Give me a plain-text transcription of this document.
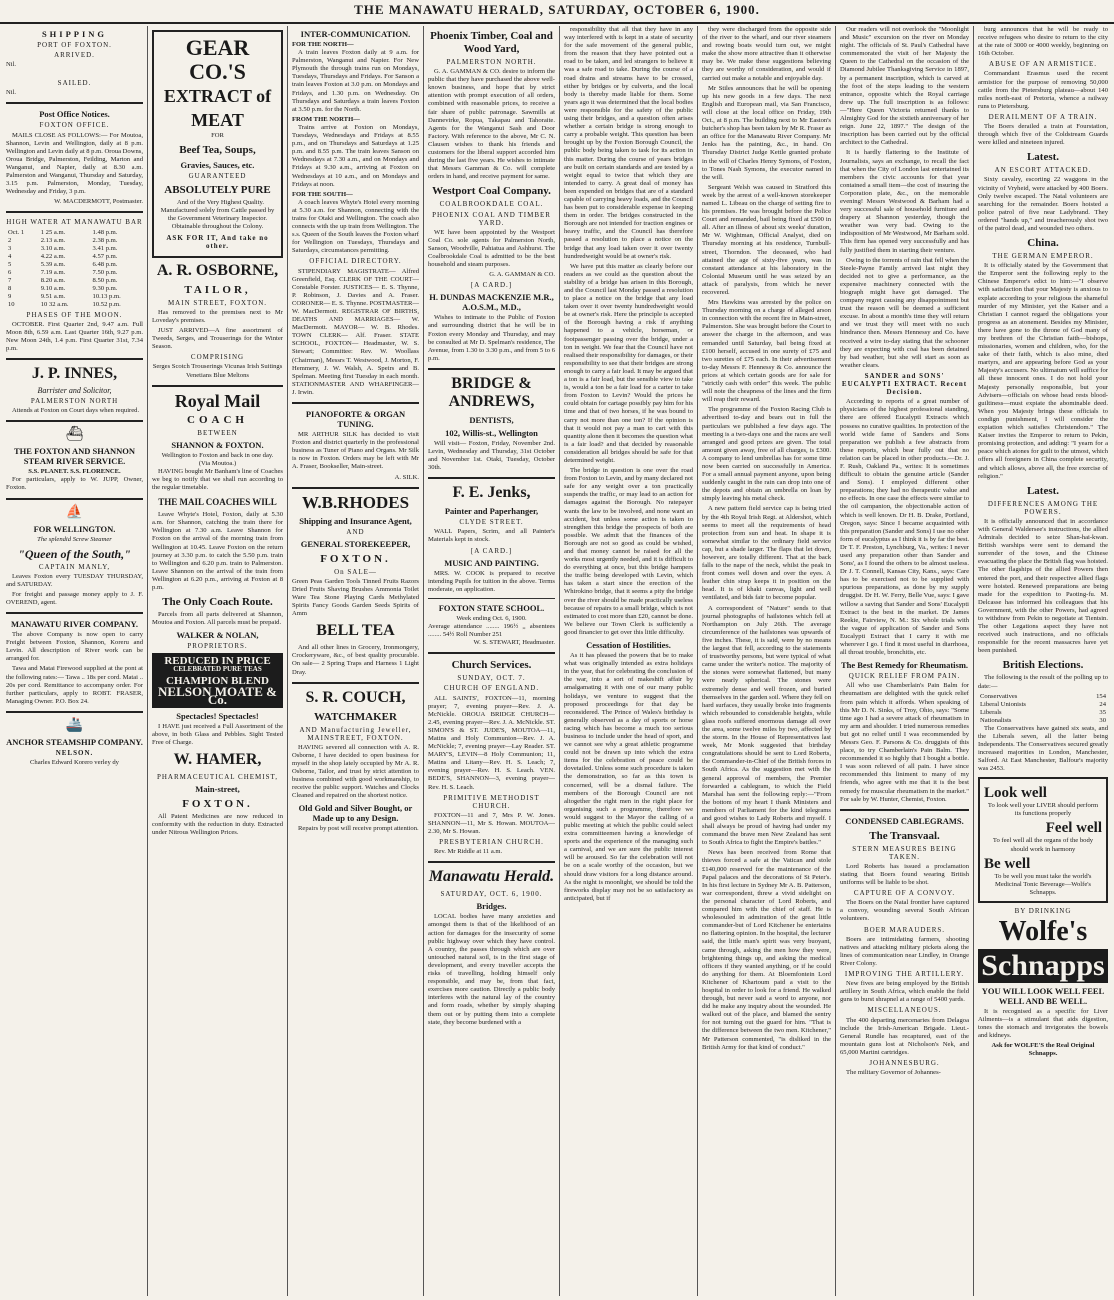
THE MANAWATU HERALD, SATURDAY, OCTOBER 6, 1900.
SHIPPING
PORT OF FOXTON.
ARRIVED.
Nil.
SAILED.
Nil.
Post Office Notices.
FOXTON OFFICE.

MAILS CLOSE AS FOLLOWS:— For Moutoa, Shannon, Levin and Wellington, daily at 8 p.m. Wellington and Levin daily at 8 p.m. Oroua Downs, Oroua Bridge, Palmerston, Feilding, Marton and Wanganui, and Napier, daily at 8.30 a.m. Palmerston and Wanganui, Thursday and Saturday, 3.15 p.m. Palmerston, Monday, Tuesday, Wednesday and Friday, 3 p.m.

W. MACDERMOTT, Postmaster.
HIGH WATER AT MANAWATU BAR
Oct. 1	1 25 a.m.	1.48 p.m.
2	2.13 a.m.	2.38 p.m.
3	3.10 a.m.	3.41 p.m.
4	4.22 a.m.	4.57 p.m.
5	5.39 a.m.	6.48 p.m.
6	7.19 a.m.	7.50 p.m.
7	8.20 a.m.	8.50 p.m.
8	9.10 a.m.	9.30 p.m.
9	9.51 a.m.	10.13 p.m.
10	10 32 a.m.	10.52 p.m.
PHASES OF THE MOON.

OCTOBER. First Quarter 2nd, 9.47 a.m. Full Moon 8th, 6.59 a.m. Last Quarter 16th, 9.27 p.m. New Moon 24th, 1.4 p.m. First Quarter 31st, 7.34 p.m.

J. P. INNES,
Barrister and Solicitor,
PALMERSTON NORTH

Attends at Foxton on Court days when required.

⛴
THE FOXTON AND SHANNON STEAM RIVER SERVICE.
S.S. PLANET. S.S. FLORENCE.

For particulars, apply to W. JUPP, Owner, Foxton.

⛵
FOR WELLINGTON.
The splendid Screw Steamer
"Queen of the South,"
CAPTAIN MANLY,

Leaves Foxton every TUESDAY THURSDAY, and SATURDAY.

For freight and passage money apply to J. F. OVEREND, agent.

MANAWATU RIVER COMPANY.

The above Company is now open to carry Freight between Foxton, Shannon, Koreru and Levin. All description of River work can be arranged for.

Tawa and Matai Firewood supplied at the pont at the following rates:— Tawa .. 18s per cord. Matai .. 20s per cord. Remittance to accompany order. For further particulars, apply to ROBT. FRASER, Managing Owner. P.O. Box 24.

🚢
ANCHOR STEAMSHIP COMPANY.
NELSON.
Charles Edward Korero verley dy
GEAR CO.'S
EXTRACT of MEAT
FOR
Beef Tea, Soups,
Gravies, Sauces, etc.
GUARANTEED
ABSOLUTELY PURE

And of the Very Highest Quality. Manufactured solely from Cattle passed by the Government Veterinary Inspector. Obtainable throughout the Colony.

ASK FOR IT, And take no other.
A. R. OSBORNE,
TAILOR,
MAIN STREET, FOXTON.

Has removed to the premises next to Mr Loveday's premises.

JUST ARRIVED—A fine assortment of Tweeds, Serges, and Trouserings for the Winter Season.

COMPRISING
Serges Scotch Trouserings Vicunas Irish Suitings Venetians Blue Meltons
Royal Mail
COACH
BETWEEN
SHANNON & FOXTON.
Wellington to Foxton and back in one day.
(Via Moutoa.)

HAVING bought Mr Banham's line of Coaches we beg to notify that we shall run according to the regular timetable.

THE MAIL COACHES WILL

Leave Whyte's Hotel, Foxton, daily at 5.30 a.m. for Shannon, catching the train there for Wellington at 7.30 a.m. Leave Shannon for Foxton on the arrival of the morning train from Wellington at 10.45. Leave Foxton on the return journey at 3.30 p.m. to catch the 5.50 p.m. train to Wellington and 6.20 p.m. train to Palmerston. Leave Shannon on the arrival of the train from Wellington at 6.20 p.m., arriving at Foxton at 8 p.m.

The Only Coach Route.

Parcels from all parts delivered at Shannon, Moutoa and Foxton. All parcels must be prepaid.

WALKER & NOLAN,
PROPRIETORS.
REDUCED IN PRICE
CELEBRATED PURE TEAS
CHAMPION BLEND
NELSON MOATE & Co.
Spectacles! Spectacles!

I HAVE just received a Full Assortment of the above, in both Glass and Pebbles. Sight Tested Free of Charge.

W. HAMER,
PHARMACEUTICAL CHEMIST,
Main-street,
FOXTON.

All Patent Medicines are now reduced in conformity with the reduction in duty. Extracted under Nitrous Wellington Prices.

INTER-COMMUNICATION.
FOR THE NORTH—

A train leaves Foxton daily at 9 a.m. for Palmerston, Wanganui and Napier. For New Plymouth the through trains run on Mondays, Tuesdays, Thursdays and Fridays. For Sanson a train leaves Foxton at 3.0 p.m. on Mondays and Fridays, and 1.30 p.m. on Wednesday. On Thursdays and Saturdays a train leaves Foxton at 3.50 p.m. for the North.

FROM THE NORTH—

Trains arrive at Foxton on Mondays, Tuesdays, Wednesdays and Fridays at 8.55 p.m., and on Thursdays and Saturdays at 1.25 p.m. and 8.55 p.m. The train leaves Sanson on Wednesdays at 7.30 a.m., and on Mondays and Fridays at 9.30 a.m., arriving at Foxton on Wednesdays at 10 a.m., and on Mondays and Fridays at noon.

FOR THE SOUTH—

A coach leaves Whyte's Hotel every morning at 5.30 a.m. for Shannon, connecting with the trains for Otaki and Wellington. The coach also connects with the up train from Wellington. The s.s. Queen of the South leaves the Foxton wharf for Wellington on Tuesdays, Thursdays and Saturdays, circumstances permitting.

OFFICIAL DIRECTORY.

STIPENDIARY MAGISTRATE— Alfred Greenfield, Esq. CLERK OF THE COURT— Constable Forster. JUSTICES— E. S. Thynne, P. Robinson, J. Davies and A. Fraser. CORONER— E. S. Thynne. POSTMASTER— W. MacDermott. REGISTRAR OF BIRTHS, DEATHS AND MARRIAGES— W. MacDermott. MAYOR— W. B. Rhodes. TOWN CLERK— Alf. Fraser. STATE SCHOOL, FOXTON— Headmaster, W. S. Stewart; Committee: Rev. W. Woollass (Chairman), Messrs T. Westwood, J. Morton, F. Hemmery, J. W. Walsh, A. Speirs and B. Spelman. Meeting first Tuesday in each month. STATIONMASTER AND WHARFINGER— J. Irwin.

PIANOFORTE & ORGAN TUNING.

MR ARTHUR SILK has decided to visit Foxton and district quarterly in the professional business as Tuner of Piano and Organs. Mr Silk is now in Foxton. Orders may be left with Mr A. Fraser, Bookseller, Main-street.

A. SILK.
W.B.RHODES
Shipping and Insurance Agent,
AND
GENERAL STOREKEEPER,
FOXTON.
On SALE—
Green Peas Garden Tools Tinned Fruits Razors Dried Fruits Shaving Brushes Ammonia Toilet Ware Tea Stone Playing Cards Methylated Spirits Fancy Goods Garden Seeds Spirits of Amm
BELL TEA

And all other lines in Grocery, Ironmongery, Crockeryware, &c., of best quality procurable. On sale— 2 Spring Traps and Harness 1 Light Dray.

S. R. COUCH,
WATCHMAKER
AND Manufacturing Jeweller, MAINSTREET, FOXTON.

HAVING severed all connection with A. R. Osborne, I have decided to open business for myself in the shop lately occupied by Mr A. R. Osborne, Tailor, and trust by strict attention to business combined with good workmanship, to receive the public support. Watches and Clocks Cleaned and repaired on the shortest notice.

Old Gold and Silver Bought, or Made up to any Design.

Repairs by post will receive prompt attention.

Phoenix Timber, Coal and Wood Yard,
PALMERSTON NORTH.

G. A. GAMMAN & CO. desire to inform the public that they have purchased the above well-known business, and hope that by strict attention with prompt execution of all orders, combined with reasonable prices, to receive a fair share of public patronage. Sawmills at Dannevirke, Ropua, Takapau and Tahoraite. Agents for the Wanganui Sash and Door Factory. With reference to the above, Mr C. N. Clausen wishes to thank his friends and customers for the liberal support accorded him during the last five years. He wishes to intimate that Messrs Gamman & Co. will complete orders in hand, and receive payment for same.

Westport Coal Company.
COALBROOKDALE COAL.
PHOENIX COAL AND TIMBER YARD.

WE have been appointed by the Westport Coal Co. sole agents for Palmerston North, Sanson, Woodville, Pahiatua and Ashhurst. The Coalbrookdale Coal is admitted to be the best household and steam purposes.

G. A. GAMMAN & CO.
[A CARD.]
H. DUNDAS MACKENZIE M.R., A.O.S.M., M.D.,

Wishes to intimate to the Public of Foxton and surrounding district that he will be in Foxton every Monday and Thursday, and may be consulted at Mr D. Spelman's residence, The Avenue, from 1.30 to 3.30 p.m., and from 5 to 6 p.m.

BRIDGE & ANDREWS,
DENTISTS,
102, Willis-st., Wellington

Will visit— Foxton, Friday, November 2nd. Levin, Wednesday and Thursday, 31st October and November 1st. Otaki, Tuesday, October 30th.

F. E. Jenks,
Painter and Paperhanger,
CLYDE STREET.

WALL Papers, Scrim, and all Painter's Materials kept in stock.

[A CARD.]
MUSIC AND PAINTING.

MRS. W. COOK is prepared to receive intending Pupils for tuition in the above. Terms moderate, on application.

FOXTON STATE SCHOOL.
Week ending Oct. 6, 1900.
Average attendance ........ 196½ ,, absentees ........ 54½ Roll Number 251
W. S. STEWART, Headmaster.
Church Services.
SUNDAY, OCT. 7.
CHURCH OF ENGLAND.

ALL SAINTS', FOXTON—11, morning prayer; 7, evening prayer—Rev. J. A. McNickle. OROUA BRIDGE CHURCH—2.45, evening prayer—Rev. J. A. McNickle. ST. SIMON'S & ST. JUDE'S, MOUTOA—11, Matins and Holy Communion—Rev. J. A. McNickle; 7, evening prayer—Lay Reader. ST. MARY'S, LEVIN—8 Holy Communion; 11, Matins and Litany—Rev. H. S. Leach; 7, evening prayer—Rev. H. S. Leach. VEN. BEDE'S, SHANNON—3, evening prayer—Rev. H. S. Leach.

PRIMITIVE METHODIST CHURCH.

FOXTON—11 and 7, Mrs P. W. Jones. SHANNON—11, Mr S. Howan. MOUTOA—2.30, Mr S. Howan.

PRESBYTERIAN CHURCH.

Rev. Mr Riddle at 11 a.m.

Manawatu Herald.
SATURDAY, OCT. 6, 1900.
Bridges.

LOCAL bodies have many anxieties and amongst them is that of the likelihood of an action for damages for the insecurity of some public highway over which they have control. A country, the passes through which are over untouched natural soil, is in the first stage of development, and every traveller accepts the risks of travelling, holding himself only responsible, and may be, from that fact, exercises more caution. Directly a public body interferes with the natural lay of the country and form roads, whether by simply shaping them out or by putting them into a complete state, they become burdened with a

responsibility that all that they have in any way interfered with is kept in a state of security for the safe movement of the general public, from the reason that they have pointed out a road to be taken, and led strangers to believe it was a safe road to take. During the course of a road drains and streams have to be crossed, either by bridges or by culverts, and the local body is thereby made liable for them. Some years ago it was determined that the local bodies were responsible for the safety of the public using their bridges, and a question often arises whether a certain bridge is strong enough to carry a probable weight. This question has been brought up by the Foxton Borough Council, the public body being taken to task for its action in this matter. During the course of years bridges are built on certain standards and are tested by a weight equal to twice that which they are intended to carry. A great deal of money has been expended on bridges that are of a standard capable of carrying heavy loads, and the Council has been put to considerable expense in keeping them in order. The bridges constructed in the Borough are not intended for traction engines or heavy traffic, and the Council has therefore passed a resolution to place a notice on the bridge that any load taken over it over twenty hundredweight would be at owner's risk.

We have put this matter as clearly before our readers as we could as the question about the stability of a bridge has arisen in this Borough, and the Council last Monday passed a resolution to place a notice on the bridge that any load taken over it over twenty hundredweight would be at owner's risk. Here the principle is accepted of the Borough having a risk if anything happened to a vehicle, horseman, or footpassenger passing over the bridge, under a ton in weight. We fear that the Council have not realised their responsibility for damages, or their responsibility to see that their bridges are strong enough to carry a fair load. It may be argued that a ton is a fair load, but the sensible view to take is, would a ton be a fair load for a carter to take from Foxton to Levin? Would the prices he could obtain for cartage possibly pay him for his time and that of two horses, if he was bound to carry not more than one ton? If the opinion is that it would not pay a man to cart with this quantity alone then it becomes the question what is a fair load? and that decided by reasonable consideration all bridges should be safe for that determined weight.

The bridge in question is one over the road from Foxton to Levin, and by many declared not safe for any weight over a ton practically suspends the traffic, or may lead to an action for damages against the Borough. No ratepayer wants the law to be involved, and none want an accident, but unless some action is taken to strengthen this bridge the prospects of both are possible. We admit that the finances of the Borough are not so good as could be wished, and that money cannot be raised for all the works most urgently needed, and it is difficult to do everything at once, but this bridge hampers the traffic being developed with Levin, which has taken a start since the erection of the Whirokino bridge, that it seems a pity the bridge over the river should be made practically useless because of repairs to a small bridge, which is not estimated to cost more than £20, cannot be done. We believe our Town Clerk is sufficiently a good financier to get over this little difficulty.

Cessation of Hostilities.

As it has pleased the powers that be to make what was originally intended as extra holidays in the year, that for celebrating the conclusion of the war, into a sort of makeshift affair by amalgamating it with one of our many public holidays, we venture to suggest that the proposed proceedings for that day be reconsidered. The Prince of Wales's birthday is generally observed as a day of sports or horse racing which has become a much too serious business to include under the head of sport, and we cannot see why a great athletic programme could not be drawn up into which the extra items for the celebration of peace could be dovetailed. Unless some such procedure is taken the demonstration, so far as this town is concerned, will be a dismal failure. The members of the Borough Council are not altogether the right men in the right place for organising such a programme, therefore we would suggest to the Mayor the calling of a public meeting at which the public could select extra committeemen having a knowledge of sports and the experience of the managing such a carnival, and we are sure the public interest will be aroused. So far the celebration will not be on a scale worthy of the occasion, but we should draw visitors for a long distance around. As the night is moonlight, we should be told the fireworks display may not be so satisfactory as anticipated, but if

they were discharged from the opposite side of the river to the wharf, and our river steamers and rowing boats would turn out, we might make the show more attractive than it otherwise may be. We make these suggestions believing they are worthy of consideration, and would if carried out make a notable and enjoyable day.

Mr Stiles announces that he will be opening up his new goods in a few days. The next English and European mail, via San Francisco, will close at the local office on Friday, 19th Oct., at 8 p.m. The building next to Mr Easton's butcher's shop has been taken by Mr R. Fraser as an office for the Manawatu River Company. Mr Jenks has the painting, &c., in hand. On Thursday District Judge Kettle granted probate in the will of Charles Henry Symons, of Foxton, to Tones Nash Symons, the executor named in the will.

Sergeant Welsh was caused in Stratford this week by the arrest of a well-known storekeeper named L. Libeau on the charge of setting fire to his premises. He was brought before the Police Court and remanded, bail being fixed at £500 in all. After an illness of about six weeks' duration, Mr W. Wightman, Official Analyst, died on Thursday morning at his residence, Turnbull-street, Thorndon. The deceased, who had attained the age of sixty-five years, was in constant attendance at his laboratory in the Colonial Museum until he was seized by an attack of paralysis, from which he never recovered.

Mrs Hawkins was arrested by the police on Thursday morning on a charge of alleged arson in connection with the recent fire in Main-street, Palmerston. She was brought before the Court to answer the charge in the afternoon, and was remanded until Saturday, bail being fixed at £100 herself, accused in one surety of £75 and two sureties of £75 each. In their advertisement to-day Messrs F. Hennessy & Co. announce the prices at which certain goods are for sale for "strictly cash with order" this week. The public will note the cheapness of the lines and the firm will reap their reward.

The programme of the Foxton Racing Club is advertised to-day and bears out in full the particulars we published a few days ago. The meeting is a two-days one and the races are well arranged and good prizes are given. The total amount given away, free of all charges, is £300. A company to lend umbrellas has for some time now been carried on successfully in America. For a small annual payment anyone, upon being suddenly caught in the rain can drop into one of the depots and obtain an umbrella on loan by simply leaving his metal check.

A new pattern field service cap is being tried by the 4th Royal Irish Regt. at Aldershot, which seems to meet all the requirements of head protection from sun and heat. In shape it is somewhat similar to the ordinary field service cap, but a shade larger. The flaps that let down, however, are totally different. That at the back falls to the nape of the neck, whilst the peak in front comes well down and over the eyes. A leather chin strap keeps it in position on the head. It is of khaki canvas, light and well ventilated, and bids fair to become popular.

A correspondent of "Nature" sends to that journal photographs of hailstones which fell at Northampton on July 26th. The average circumference of the hailstones was upwards of five inches. These, it is said, were by no means the largest that fell, according to the statements of trustworthy persons, but were typical of what came under the writer's notice. The majority of the stones were somewhat flattened, but many were nearly spherical. The stones were extremely dense and well frozen, and buried themselves in the garden soil. Where they fell on hard surfaces, they usually broke into fragments which rebounded to considerable heights, while glass roofs suffered enormous damage all over the area, some twelve miles by two, affected by the storm. In the House of Representatives last week, Mr Monk suggested that birthday congratulations should be sent to Lord Roberts, the Commander-in-Chief of the British forces in South Africa. As the suggestion met with the general approval of members, the Premier forwarded a cablegram, to which the Field Marshal has sent the following reply:—"From the bottom of my heart I thank Ministers and members of Parliament for the kind telegrams and good wishes to Lady Roberts and myself. I shall always be proud of having had under my command the brave men New Zealand has sent to South Africa to fight the Empire's battles."

News has been received from Rome that thieves forced a safe at the Vatican and stole £140,000 reserved for the maintenance of the Papal palaces and the decorations of St Peter's. In his first lecture in Sydney Mr A. B. Patterson, war correspondent, threw a vivid sidelight on the personal character of Lord Roberts, and compared him with the chief of staff. He is wholesouled in admiration of the great little commander-but of Lord Kitchener he entertains no flattering opinion. In the hospital, the lecturer said, the little man's spirit was very buoyant, came through, asking the men how they were, brightening things up, and asking the medical officers if they wanted anything, or if he could do anything for them. At Bloemfontein Lord Kitchener of Khartoum paid a visit to the hospital in order to look for a friend. He walked through, but never said a word to anyone, nor did he make any inquiry about the wounded. He walked out of the place, and blamed the sentry for not turning out the guard for him. "That is the difference between the two men. Kitchener," Mr Patterson commented, "is disliked in the British Army for that kind of conduct."

Our readers will not overlook the "Moonlight and Music" excursion on the river on Monday night. The officials of St. Paul's Cathedral have commemorated the visit of her Majesty the Queen to the Cathedral on the occasion of the Diamond Jubilee Thanksgiving Service in 1897, by a permanent inscription, which is carved at the foot of the steps leading to the western entrance, opposite which the Royal carriage drew up. The full inscription is as follows:—"Here Queen Victoria returned thanks to Almighty God for the sixtieth anniversary of her reign. June 22, 1897." The design of the inscription has been carried out by the official architect to the Cathedral.

It is hardly flattering to the Institute of Journalists, says an exchange, to recall the fact that when the City of London last entertained its members the civic accounts for that year contained a small item—the cost of insuring the Corporation plate, &c., on the memorable evening! Messrs Westwood & Barham had a very successful sale of household furniture and drapery at Shannon yesterday, though the weather was very bad. Owing to the indisposition of Mr Westwood, Mr Barham sold. This firm has opened very successfully and has fully justified them in starting their venture.

Owing to the torrents of rain that fell when the Steele-Payne Family arrived last night they decided not to give a performance, as the expensive machinery connected with the biograph might have got damaged. The company regret causing any disappointment but trust the reason will be deemed a sufficient excuse. In about a month's time they will return and we trust they will meet with no such hindrance then. Messrs Hennessy and Co. have received a wire to-day stating that the schooner they are expecting with coal has been detained by bad weather, but she will start as soon as weather clears.

SANDER and SONS' EUCALYPTI EXTRACT. Recent Decision.

According to reports of a great number of physicians of the highest professional standing, there are offered Eucalypti Extracts which possess no curative qualities. In protection of the world wide fame of Sanders and Sons preparation we publish a few abstracts from these reports, which bear fully out that no relation can be placed in other products.—Dr. J. F. Rush, Oakland Pa., writes: It is sometimes difficult to obtain the genuine article (Sander and Sons). I employed different other preparations; they had no therapeutic value and no effects. In one case the effects were similar to the oil campanion, the objectionable action of which is well known. Dr H. B. Drake, Portland, Oregon, says: Since I became acquainted with this preparation (Sander and Sons) I use no other form of eucalyptus as I think it is by far the best. Dr T. F. Preston, Lynchburg, Va., writes: I never used any preparation other than Sander and Sons', as I found the others to be almost useless. Dr J. T. Connell, Kansas City, Kans., says: Care has to be exercised not to be supplied with spurious preparations, as done by my supply druggist. Dr H. W. Ferry, Belle Vue, says: I gave willow a saving that Sander and Sons' Eucalypti Extract is the best in the market. Dr James Reekie, Fairview, N. M.: Six whole trials with the vague of application of Sander and Sons Eucalypti Extract that I carry it with me wherever I go. I find it most useful in diarrhoea, all throat trouble, bronchitis, etc.

The Best Remedy for Rheumatism.
QUICK RELIEF FROM PAIN.

All who use Chamberlain's Pain Balm for rheumatism are delighted with the quick relief from pain which it affords. When speaking of this Mr D. N. Sinks, of Troy, Ohio, says: "Some time ago I had a severe attack of rheumatism in my arm and shoulder. I tried numerous remedies but got no relief until I was recommended by Messrs Geo. F. Parsons & Co. druggists of this place, to try Chamberlain's Pain Balm. They recommended it so highly that I bought a bottle. I was soon relieved of all pain. I have since recommended this liniment to many of my friends, who agree with me that it is the best remedy for muscular rheumatism in the market." For sale by W. Hunter, Chemist, Foxton.

CONDENSED CABLEGRAMS.
The Transvaal.
STERN MEASURES BEING TAKEN.

Lord Roberts has issued a proclamation stating that Boers found wearing British uniforms will be liable to be shot.

CAPTURE OF A CONVOY.

The Boers on the Natal frontier have captured a convoy, wounding several South African volunteers.

BOER MARAUDERS.

Boers are intimidating farmers, shooting natives and attacking military pickets along the lines of communication near Lindley, in Orange River Colony.

IMPROVING THE ARTILLERY.

New fives are being employed by the British artillery in South Africa, which enable the field guns to burst shrapnel at a range of 5400 yards.

MISCELLANEOUS.

The 400 departing mercenaries from Delagoa include the Irish-American Brigade. Lieut.-General Rundle has recaptured, east of the mountain guns lost at Nicholson's Nek, and 65,000 Martini cartridges.

JOHANNESBURG.

The military Governor of Johannes-

burg announces that he will be ready to receive refugees who desire to return to the city at the rate of 3000 or 4000 weekly, beginning on 16th October.

ABUSE OF AN ARMISTICE.

Commandant Erasmus used the recent armistice for the purpose of removing 50,000 cattle from the Pietersburg plateau—about 140 miles north-east of Pretoria, whence a railway runs to Pietersburg.

DERAILMENT OF A TRAIN.

The Boers derailed a train at Fourstation, through which five of the Coldstream Guards were killed and nineteen injured.

Latest.
AN ESCORT ATTACKED.

Sixty cavalry, escorting 22 waggons in the vicinity of Vryheid, were attacked by 400 Boers. Only twelve escaped. The Natal volunteers are searching for the remainder. Boers hoisted a police patrol of five near Ladybrand. They ordered "hands up," and treacherously shot two of the patrol dead, and wounded two others.

China.
THE GERMAN EMPEROR.

It is officially stated by the Government that the Emperor sent the following reply to the Chinese Emperor's edict to him:—"I observe with satisfaction that your Majesty is anxious to explate according to your religious the shameful murder of my Minister, yet the Kaiser and a Christian I cannot regard the obligations your progress as an atonement. Besides my Minister, there have gone to the throne of God many of my brethren of the Christian faith—bishops, missionaries, women and children, who, for the sake of their faith, which is also mine, died martyrs, and are appearing before God as your Majesty's accusers. No ultimatum will suffice for all these innocent ones. I do not hold your Majesty personally responsible, but your Advisers—officials on whose head rests blood-guiltiness—must expiate the abominable deed. When you Majesty brings these officials to condign punishment, I will consider the expiation which satisfies Christendom." The Kaiser invites the Emperor to return to Pekin, promising protection, and adding: "I yearn for a peace which atones for guilt to the utmost, which offers all foreigners in China complete security, and which allows, above all, the free exercise of religion."

Latest.
DIFFERENCES AMONG THE POWERS.

It is officially announced that in accordance with General Waldersee's instructions, the allied Admirals decided to seize Shan-hai-kwan. British warships were sent to demand the surrender of the town, and the Chinese evacuating the place the British flag was hoisted. The other flagships of the allied Powers then entered the port, and their respective allied flags were hoisted. Renewed preparations are being made for the expedition to Paoting-fu. M. Delcasse has informed his colleagues that his Government, with the other Powers, had agreed to withdraw from Pekin to negotiate at Tientsin. The other Legations aspect they have not received such instructions, and no officials responsible for the recent massacres have yet been punished.

British Elections.

The following is the result of the polling up to date:—

Conservatives	154
Liberal Unionists	24
Liberals	35
Nationalists	30

The Conservatives have gained six seats, and the Liberals seven, all the latter being Independents. The Conservatives secured greatly increased majorities in London, Manchester, Salford. At East Manchester, Balfour's majority was 2453.

Look well
To look well your LIVER should perform its functions properly
Feel well
To feel well all the organs of the body should work in harmony
Be well
To be well you must take the world's Medicinal Tonic Beverage—Wolfe's Schnapps.
BY DRINKING
Wolfe's
Schnapps
YOU WILL LOOK WELL FEEL WELL AND BE WELL.

It is recognised as a specific for Liver Ailments—is a stimulant that aids digestion, tones the stomach and invigorates the bowels and kidneys.

Ask for WOLFE'S the Real Original Schnapps.
